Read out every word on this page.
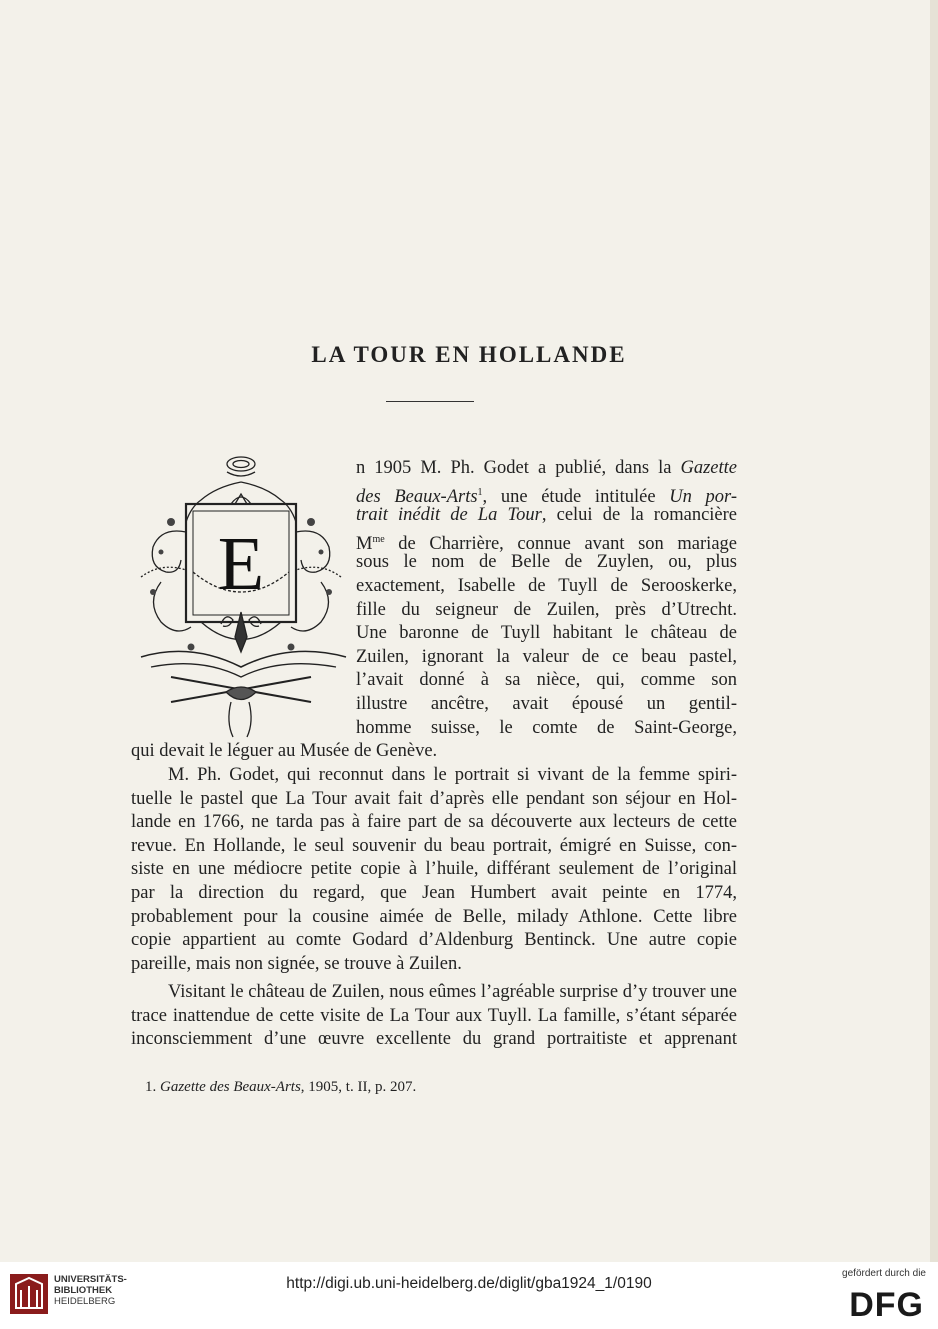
LA TOUR EN HOLLANDE
E
n 1905 M. Ph. Godet a publié, dans la Gazette
des Beaux-Arts$^1$, une étude intitulée Un por-
trait inédit de La Tour, celui de la romancière
$M^{me}$ de Charrière, connue avant son mariage
sous le nom de Belle de Zuylen, ou, plus
exactement, Isabelle de Tuyll de Serooskerke,
fille du seigneur de Zuilen, près d’Utrecht.
Une baronne de Tuyll habitant le château de
Zuilen, ignorant la valeur de ce beau pastel,
l’avait donné à sa nièce, qui, comme son
illustre ancêtre, avait épousé un gentil-
homme suisse, le comte de Saint-George,
qui devait le léguer au Musée de Genève.
  M. Ph. Godet, qui reconnut dans le portrait si vivant de la femme spiri-
tuelle le pastel que La Tour avait fait d’après elle pendant son séjour en Hol-
lande en 1766, ne tarda pas à faire part de sa découverte aux lecteurs de cette
revue. En Hollande, le seul souvenir du beau portrait, émigré en Suisse, con-
siste en une médiocre petite copie à l’huile, différant seulement de l’original
par la direction du regard, que Jean Humbert avait peinte en 1774,
probablement pour la cousine aimée de Belle, milady Athlone. Cette libre
copie appartient au comte Godard d’Aldenburg Bentinck. Une autre copie
pareille, mais non signée, se trouve à Zuilen.
  Visitant le château de Zuilen, nous eûmes l’agréable surprise d’y trouver une
trace inattendue de cette visite de La Tour aux Tuyll. La famille, s’étant séparée
inconsciemment d’une œuvre excellente du grand portraitiste et apprenant
1. Gazette des Beaux-Arts, 1905, t. II, p. 207.
UNIVERSITÄTS-
BIBLIOTHEK
HEIDELBERG
http://digi.ub.uni-heidelberg.de/diglit/gba1924_1/0190
gefördert durch die
DFG
